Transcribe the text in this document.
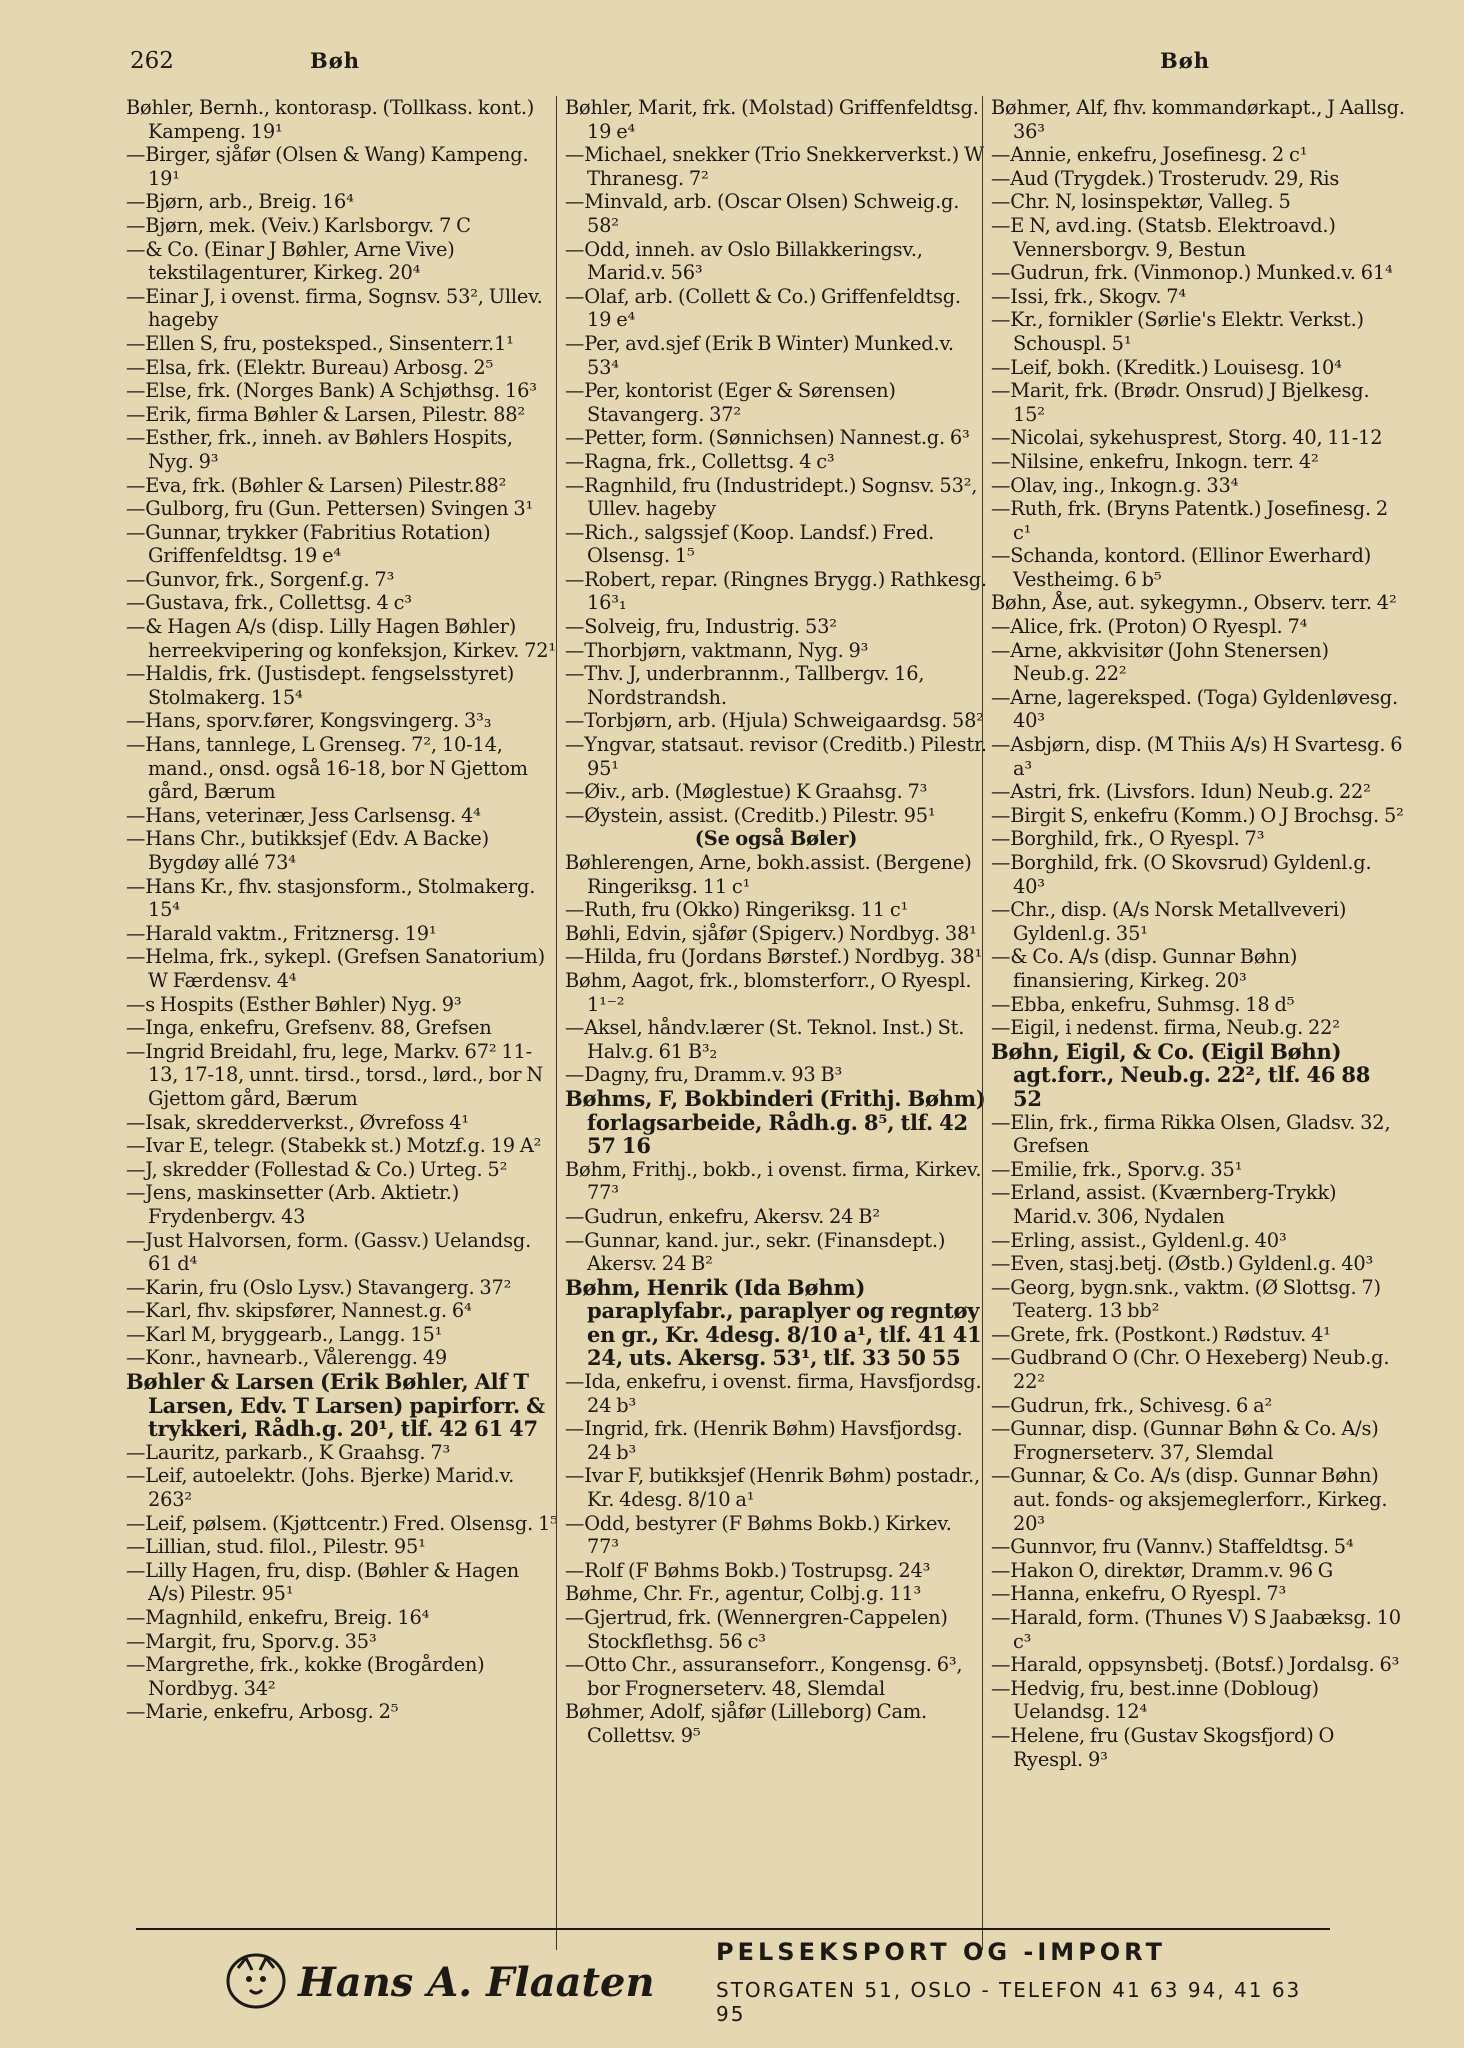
262	Bøh	Bøh
Bøhler, Bernh., kontorasp. (Tollkass. kont.) Kampeng. 19¹
—Birger, sjåfør (Olsen & Wang) Kampeng. 19¹
—Bjørn, arb., Breig. 16⁴
—Bjørn, mek. (Veiv.) Karlsborgv. 7 C
—& Co. (Einar J Bøhler, Arne Vive) tekstilagenturer, Kirkeg. 20⁴
—Einar J, i ovenst. firma, Sognsv. 53², Ullev. hageby
—Ellen S, fru, posteksped., Sinsenterr.1¹
—Elsa, frk. (Elektr. Bureau) Arbosg. 2⁵
—Else, frk. (Norges Bank) A Schjøthsg. 16³
—Erik, firma Bøhler & Larsen, Pilestr. 88²
—Esther, frk., inneh. av Bøhlers Hospits, Nyg. 9³
—Eva, frk. (Bøhler & Larsen) Pilestr.88²
—Gulborg, fru (Gun. Pettersen) Svingen 3¹
—Gunnar, trykker (Fabritius Rotation) Griffenfeldtsg. 19 e⁴
—Gunvor, frk., Sorgenf.g. 7³
—Gustava, frk., Collettsg. 4 c³
—& Hagen A/s (disp. Lilly Hagen Bøhler) herreekvipering og konfeksjon, Kirkev. 72¹
—Haldis, frk. (Justisdept. fengselsstyret) Stolmakerg. 15⁴
—Hans, sporv.fører, Kongsvingerg. 3³₃
—Hans, tannlege, L Grenseg. 7², 10-14, mand., onsd. også 16-18, bor N Gjettom gård, Bærum
—Hans, veterinær, Jess Carlsensg. 4⁴
—Hans Chr., butikksjef (Edv. A Backe) Bygdøy allé 73⁴
—Hans Kr., fhv. stasjonsform., Stolmakerg. 15⁴
—Harald vaktm., Fritznersg. 19¹
—Helma, frk., sykepl. (Grefsen Sanatorium) W Færdensv. 4⁴
—s Hospits (Esther Bøhler) Nyg. 9³
—Inga, enkefru, Grefsenv. 88, Grefsen
—Ingrid Breidahl, fru, lege, Markv. 67² 11-13, 17-18, unnt. tirsd., torsd., lørd., bor N Gjettom gård, Bærum
—Isak, skredderverkst., Øvrefoss 4¹
—Ivar E, telegr. (Stabekk st.) Motzf.g. 19 A²
—J, skredder (Follestad & Co.) Urteg. 5²
—Jens, maskinsetter (Arb. Aktietr.) Frydenbergv. 43
—Just Halvorsen, form. (Gassv.) Uelandsg. 61 d⁴
—Karin, fru (Oslo Lysv.) Stavangerg. 37²
—Karl, fhv. skipsfører, Nannest.g. 6⁴
—Karl M, bryggearb., Langg. 15¹
—Konr., havnearb., Vålerengg. 49
Bøhler & Larsen (Erik Bøhler, Alf T Larsen, Edv. T Larsen) papirforr. & trykkeri, Rådh.g. 20¹, tlf. 42 61 47
—Lauritz, parkarb., K Graahsg. 7³
—Leif, autoelektr. (Johs. Bjerke) Marid.v. 263²
—Leif, pølsem. (Kjøttcentr.) Fred. Olsensg. 1⁵
—Lillian, stud. filol., Pilestr. 95¹
—Lilly Hagen, fru, disp. (Bøhler & Hagen A/s) Pilestr. 95¹
—Magnhild, enkefru, Breig. 16⁴
—Margit, fru, Sporv.g. 35³
—Margrethe, frk., kokke (Brogården) Nordbyg. 34²
—Marie, enkefru, Arbosg. 2⁵
Bøhler, Marit, frk. (Molstad) Griffenfeldtsg. 19 e⁴
—Michael, snekker (Trio Snekkerverkst.) W Thranesg. 7²
—Minvald, arb. (Oscar Olsen) Schweig.g. 58²
—Odd, inneh. av Oslo Billakkeringsv., Marid.v. 56³
—Olaf, arb. (Collett & Co.) Griffenfeldtsg. 19 e⁴
—Per, avd.sjef (Erik B Winter) Munked.v. 53⁴
—Per, kontorist (Eger & Sørensen) Stavangerg. 37²
—Petter, form. (Sønnichsen) Nannest.g. 6³
—Ragna, frk., Collettsg. 4 c³
—Ragnhild, fru (Industridept.) Sognsv. 53², Ullev. hageby
—Rich., salgssjef (Koop. Landsf.) Fred. Olsensg. 1⁵
—Robert, repar. (Ringnes Brygg.) Rathkesg. 16³₁
—Solveig, fru, Industrig. 53²
—Thorbjørn, vaktmann, Nyg. 9³
—Thv. J, underbrannm., Tallbergv. 16, Nordstrandsh.
—Torbjørn, arb. (Hjula) Schweigaardsg. 58²
—Yngvar, statsaut. revisor (Creditb.) Pilestr. 95¹
—Øiv., arb. (Møglestue) K Graahsg. 7³
—Øystein, assist. (Creditb.) Pilestr. 95¹
(Se også Bøler)
Bøhlerengen, Arne, bokh.assist. (Bergene) Ringeriksg. 11 c¹
—Ruth, fru (Okko) Ringeriksg. 11 c¹
Bøhli, Edvin, sjåfør (Spigerv.) Nordbyg. 38¹
—Hilda, fru (Jordans Børstef.) Nordbyg. 38¹
Bøhm, Aagot, frk., blomsterforr., O Ryespl. 1¹⁻²
—Aksel, håndv.lærer (St. Teknol. Inst.) St. Halv.g. 61 B³₂
—Dagny, fru, Dramm.v. 93 B³
Bøhms, F, Bokbinderi (Frithj. Bøhm) forlagsarbeide, Rådh.g. 8⁵, tlf. 42 57 16
Bøhm, Frithj., bokb., i ovenst. firma, Kirkev. 77³
—Gudrun, enkefru, Akersv. 24 B²
—Gunnar, kand. jur., sekr. (Finansdept.) Akersv. 24 B²
Bøhm, Henrik (Ida Bøhm) paraplyfabr., paraplyer og regntøy en gr., Kr. 4desg. 8/10 a¹, tlf. 41 41 24, uts. Akersg. 53¹, tlf. 33 50 55
—Ida, enkefru, i ovenst. firma, Havsfjordsg. 24 b³
—Ingrid, frk. (Henrik Bøhm) Havsfjordsg. 24 b³
—Ivar F, butikksjef (Henrik Bøhm) postadr., Kr. 4desg. 8/10 a¹
—Odd, bestyrer (F Bøhms Bokb.) Kirkev. 77³
—Rolf (F Bøhms Bokb.) Tostrupsg. 24³
Bøhme, Chr. Fr., agentur, Colbj.g. 11³
—Gjertrud, frk. (Wennergren-Cappelen) Stockflethsg. 56 c³
—Otto Chr., assuranseforr., Kongensg. 6³, bor Frognerseterv. 48, Slemdal
Bøhmer, Adolf, sjåfør (Lilleborg) Cam. Collettsv. 9⁵
Bøhmer, Alf, fhv. kommandørkapt., J Aallsg. 36³
—Annie, enkefru, Josefinesg. 2 c¹
—Aud (Trygdek.) Trosterudv. 29, Ris
—Chr. N, losinspektør, Valleg. 5
—E N, avd.ing. (Statsb. Elektroavd.) Vennersborgv. 9, Bestun
—Gudrun, frk. (Vinmonop.) Munked.v. 61⁴
—Issi, frk., Skogv. 7⁴
—Kr., fornikler (Sørlie's Elektr. Verkst.) Schouspl. 5¹
—Leif, bokh. (Kreditk.) Louisesg. 10⁴
—Marit, frk. (Brødr. Onsrud) J Bjelkesg. 15²
—Nicolai, sykehusprest, Storg. 40, 11-12
—Nilsine, enkefru, Inkogn. terr. 4²
—Olav, ing., Inkogn.g. 33⁴
—Ruth, frk. (Bryns Patentk.) Josefinesg. 2 c¹
—Schanda, kontord. (Ellinor Ewerhard) Vestheimg. 6 b⁵
Bøhn, Åse, aut. sykegymn., Observ. terr. 4²
—Alice, frk. (Proton) O Ryespl. 7⁴
—Arne, akkvisitør (John Stenersen) Neub.g. 22²
—Arne, lagereksped. (Toga) Gyldenløvesg. 40³
—Asbjørn, disp. (M Thiis A/s) H Svartesg. 6 a³
—Astri, frk. (Livsfors. Idun) Neub.g. 22²
—Birgit S, enkefru (Komm.) O J Brochsg. 5²
—Borghild, frk., O Ryespl. 7³
—Borghild, frk. (O Skovsrud) Gyldenl.g. 40³
—Chr., disp. (A/s Norsk Metallveveri) Gyldenl.g. 35¹
—& Co. A/s (disp. Gunnar Bøhn) finansiering, Kirkeg. 20³
—Ebba, enkefru, Suhmsg. 18 d⁵
—Eigil, i nedenst. firma, Neub.g. 22²
Bøhn, Eigil, & Co. (Eigil Bøhn) agt.forr., Neub.g. 22², tlf. 46 88 52
—Elin, frk., firma Rikka Olsen, Gladsv. 32, Grefsen
—Emilie, frk., Sporv.g. 35¹
—Erland, assist. (Kværnberg-Trykk) Marid.v. 306, Nydalen
—Erling, assist., Gyldenl.g. 40³
—Even, stasj.betj. (Østb.) Gyldenl.g. 40³
—Georg, bygn.snk., vaktm. (Ø Slottsg. 7) Teaterg. 13 bb²
—Grete, frk. (Postkont.) Rødstuv. 4¹
—Gudbrand O (Chr. O Hexeberg) Neub.g. 22²
—Gudrun, frk., Schivesg. 6 a²
—Gunnar, disp. (Gunnar Bøhn & Co. A/s) Frognerseterv. 37, Slemdal
—Gunnar, & Co. A/s (disp. Gunnar Bøhn) aut. fonds- og aksjemeglerforr., Kirkeg. 20³
—Gunnvor, fru (Vannv.) Staffeldtsg. 5⁴
—Hakon O, direktør, Dramm.v. 96 G
—Hanna, enkefru, O Ryespl. 7³
—Harald, form. (Thunes V) S Jaabæksg. 10 c³
—Harald, oppsynsbetj. (Botsf.) Jordalsg. 6³
—Hedvig, fru, best.inne (Dobloug) Uelandsg. 12⁴
—Helene, fru (Gustav Skogsfjord) O Ryespl. 9³
Hans A. Flaaten
PELSEKSPORT OG -IMPORT
STORGATEN 51, OSLO - TELEFON 41 63 94, 41 63 95
